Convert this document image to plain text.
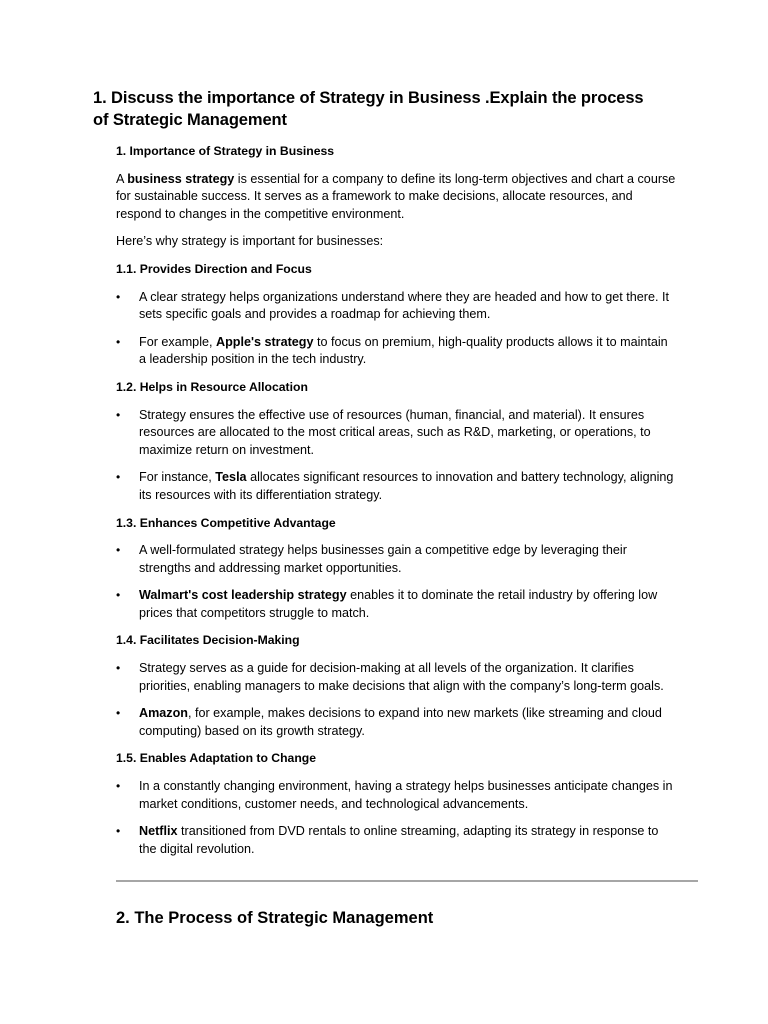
1. Discuss the importance of Strategy in Business .Explain the process of Strategic Management
1. Importance of Strategy in Business

A business strategy is essential for a company to define its long-term objectives and chart a course for sustainable success. It serves as a framework to make decisions, allocate resources, and respond to changes in the competitive environment.

Here’s why strategy is important for businesses:

1.1. Provides Direction and Focus
• A clear strategy helps organizations understand where they are headed and how to get there. It sets specific goals and provides a roadmap for achieving them.
• For example, Apple's strategy to focus on premium, high-quality products allows it to maintain a leadership position in the tech industry.
1.2. Helps in Resource Allocation
• Strategy ensures the effective use of resources (human, financial, and material). It ensures resources are allocated to the most critical areas, such as R&D, marketing, or operations, to maximize return on investment.
• For instance, Tesla allocates significant resources to innovation and battery technology, aligning its resources with its differentiation strategy.
1.3. Enhances Competitive Advantage
• A well-formulated strategy helps businesses gain a competitive edge by leveraging their strengths and addressing market opportunities.
• Walmart's cost leadership strategy enables it to dominate the retail industry by offering low prices that competitors struggle to match.
1.4. Facilitates Decision-Making
• Strategy serves as a guide for decision-making at all levels of the organization. It clarifies priorities, enabling managers to make decisions that align with the company’s long-term goals.
• Amazon, for example, makes decisions to expand into new markets (like streaming and cloud computing) based on its growth strategy.
1.5. Enables Adaptation to Change
• In a constantly changing environment, having a strategy helps businesses anticipate changes in market conditions, customer needs, and technological advancements.
• Netflix transitioned from DVD rentals to online streaming, adapting its strategy in response to the digital revolution.
2. The Process of Strategic Management
